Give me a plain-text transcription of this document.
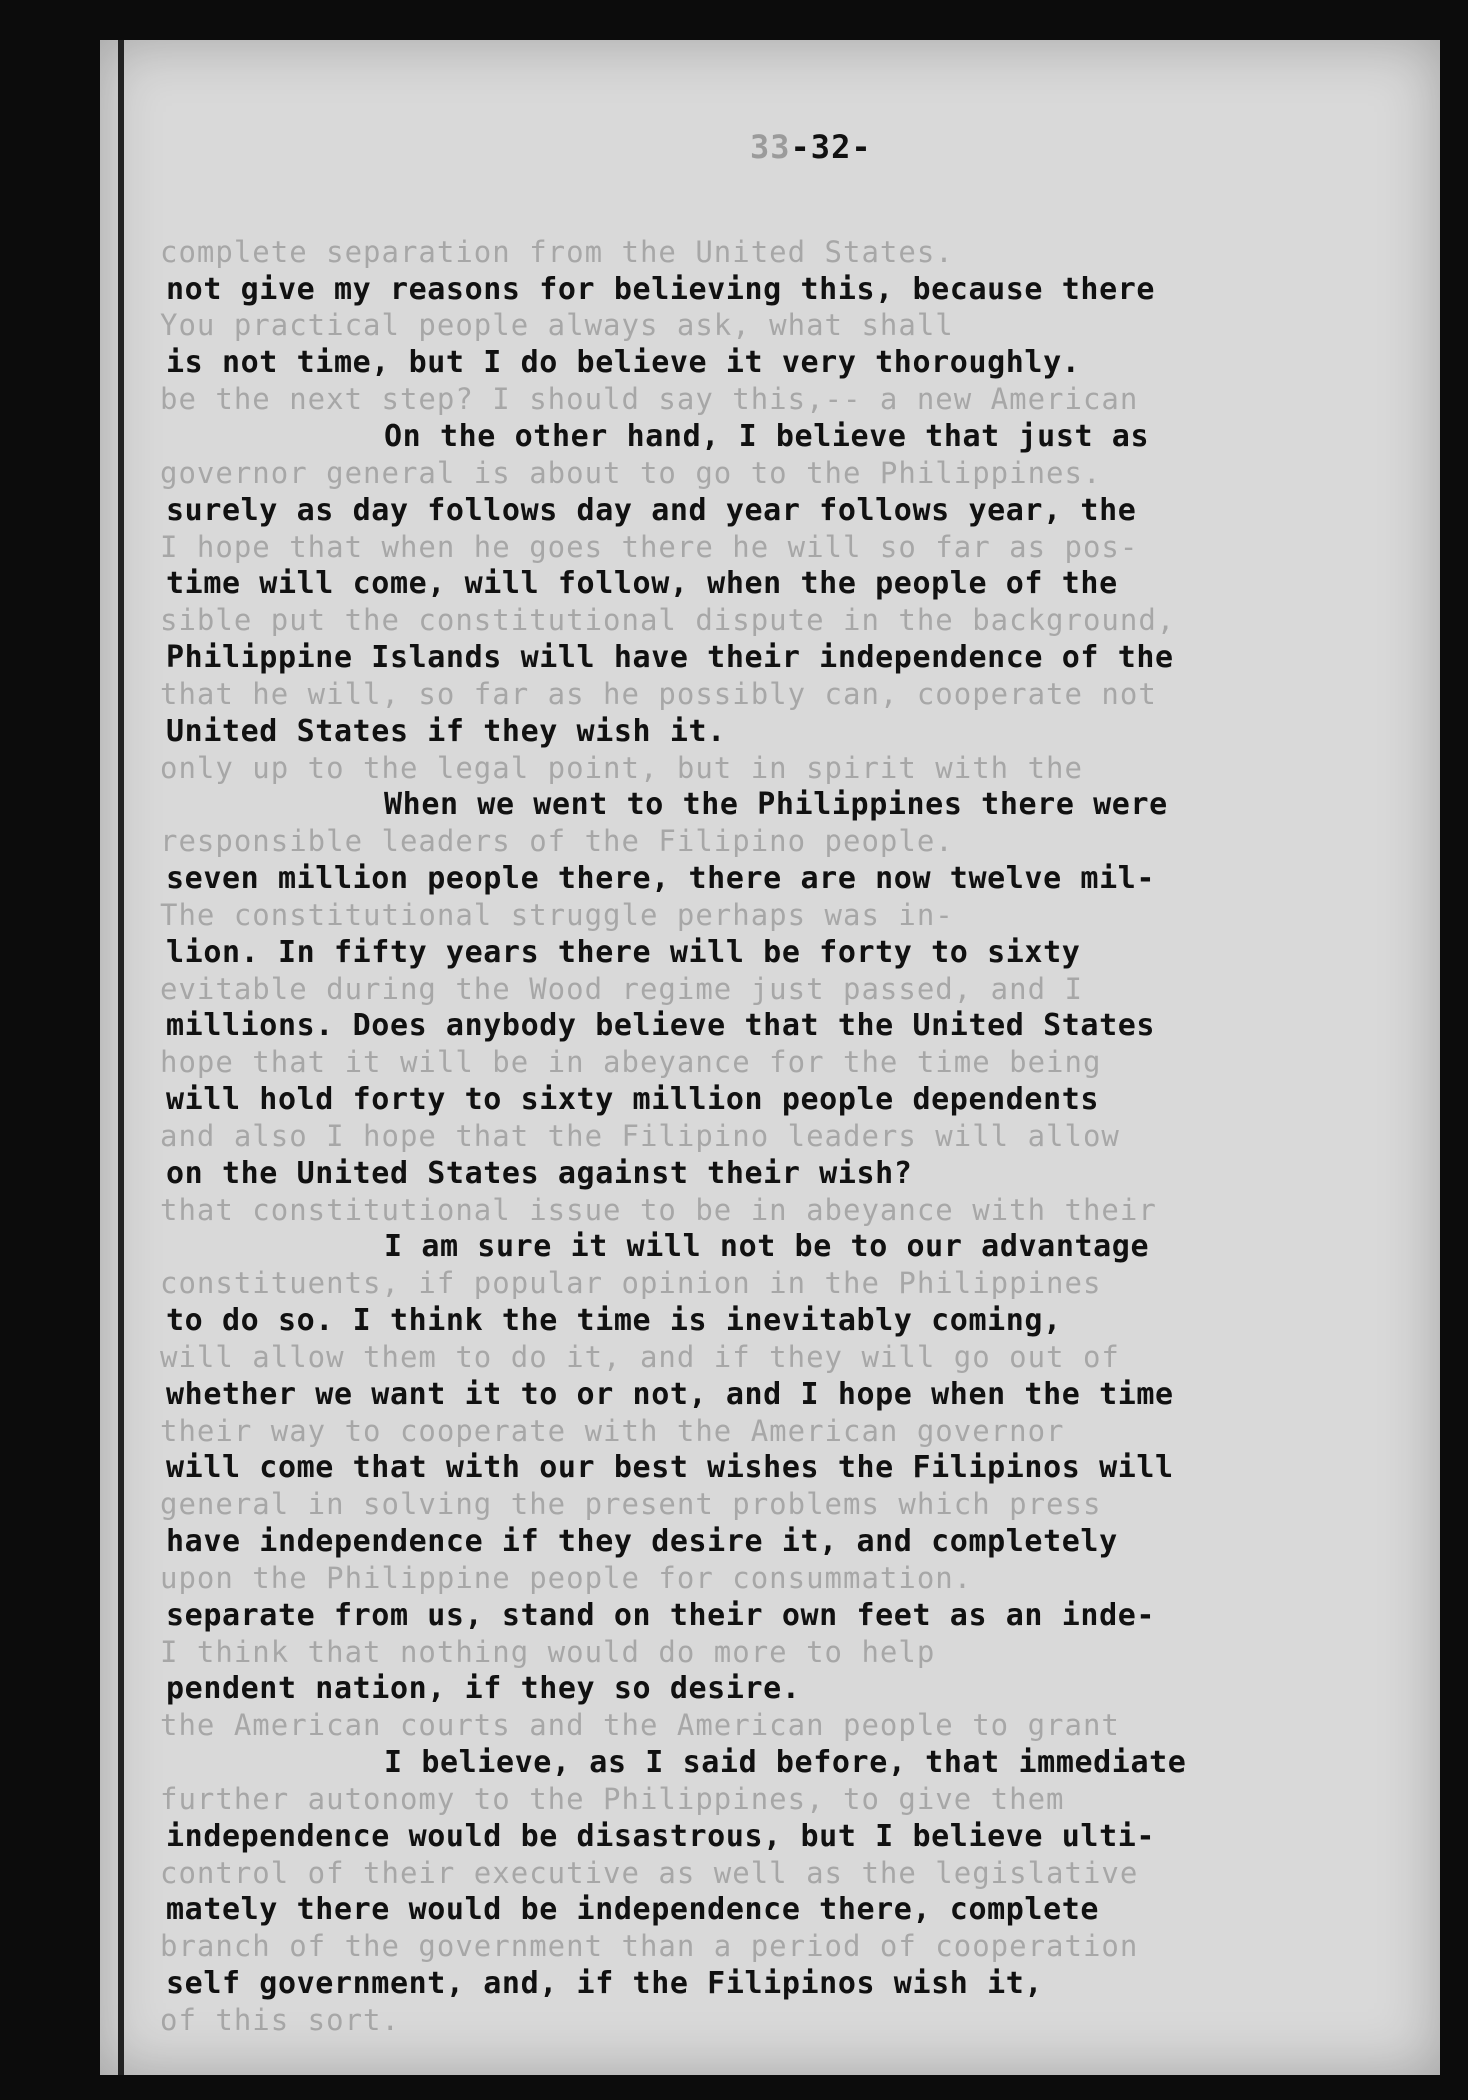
complete separation from the United States.
You practical people always ask, what shall
be the next step? I should say this,-- a new American
governor general is about to go to the Philippines.
I hope that when he goes there he will so far as pos-
sible put the constitutional dispute in the background,
that he will, so far as he possibly can, cooperate not
only up to the legal point, but in spirit with the
responsible leaders of the Filipino people.
The constitutional struggle perhaps was in-
evitable during the Wood regime just passed, and I
hope that it will be in abeyance for the time being
and also I hope that the Filipino leaders will allow
that constitutional issue to be in abeyance with their
constituents, if popular opinion in the Philippines
will allow them to do it, and if they will go out of
their way to cooperate with the American governor
general in solving the present problems which press
upon the Philippine people for consummation.
I think that nothing would do more to help
the American courts and the American people to grant
further autonomy to the Philippines, to give them
control of their executive as well as the legislative
branch of the government than a period of cooperation
of this sort.
33-32-
not give my reasons for believing this, because there
is not time, but I do believe it very thoroughly.
On the other hand, I believe that just as
surely as day follows day and year follows year, the
time will come, will follow, when the people of the
Philippine Islands will have their independence of the
United States if they wish it.
When we went to the Philippines there were
seven million people there, there are now twelve mil-
lion. In fifty years there will be forty to sixty
millions. Does anybody believe that the United States
will hold forty to sixty million people dependents
on the United States against their wish?
I am sure it will not be to our advantage
to do so. I think the time is inevitably coming,
whether we want it to or not, and I hope when the time
will come that with our best wishes the Filipinos will
have independence if they desire it, and completely
separate from us, stand on their own feet as an inde-
pendent nation, if they so desire.
I believe, as I said before, that immediate
independence would be disastrous, but I believe ulti-
mately there would be independence there, complete
self government, and, if the Filipinos wish it,
